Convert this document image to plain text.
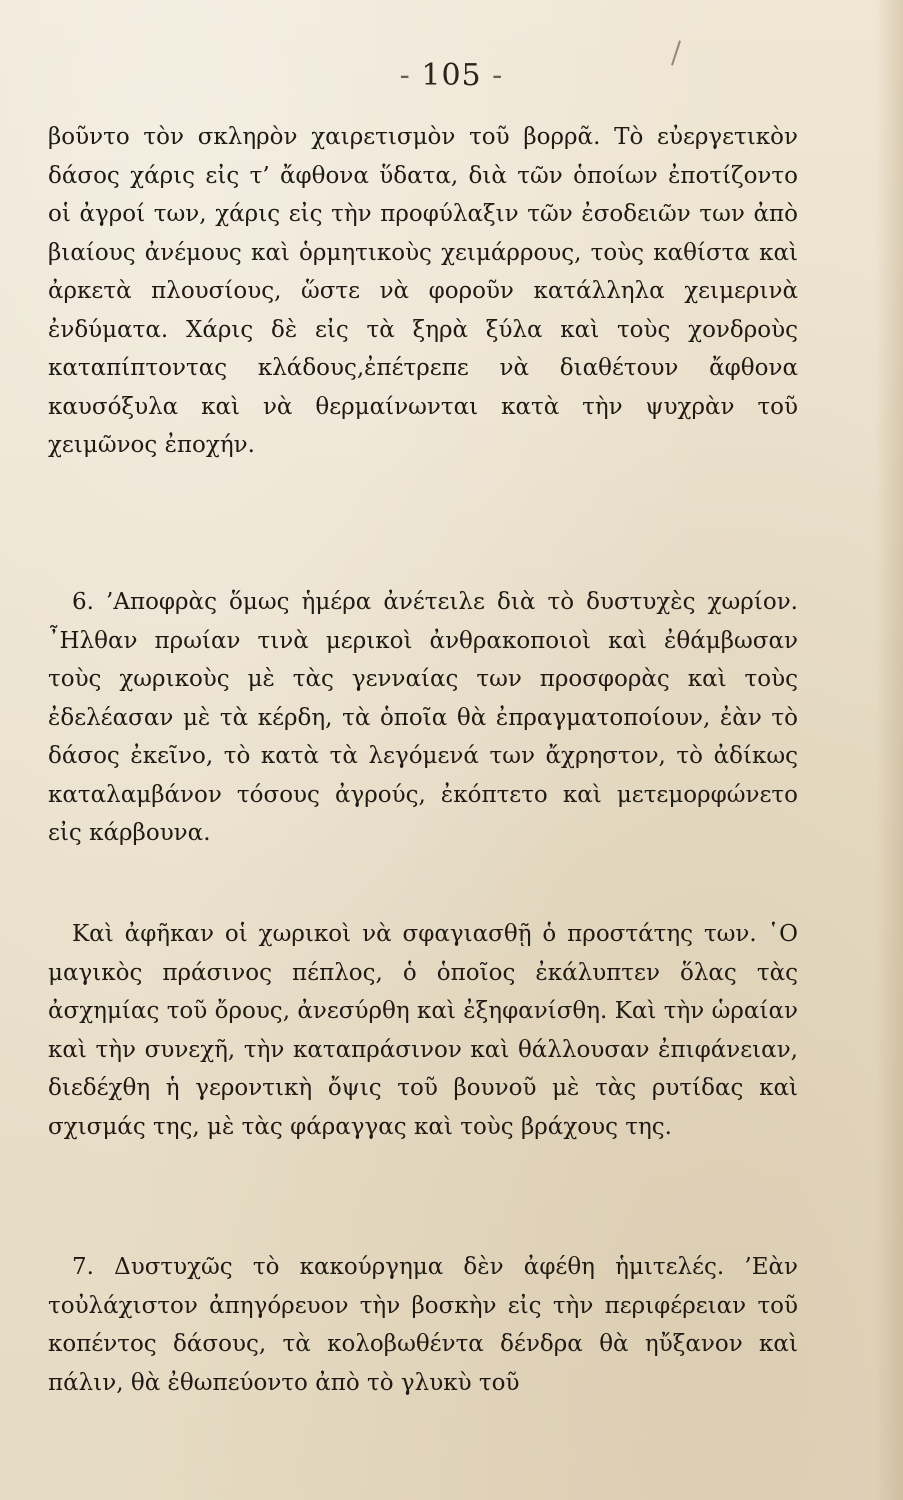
- 105 -

βοῦντο τὸν σκληρὸν χαιρετισμὸν τοῦ βορρᾶ. Τὸ εὐεργετικὸν δάσος χάρις εἰς τ’ ἄφθονα ὕδατα, διὰ τῶν ὁποίων ἐποτίζοντο οἱ ἀγροί των, χάρις εἰς τὴν προφύλαξιν τῶν ἐσοδειῶν των ἀπὸ βιαίους ἀνέμους καὶ ὁρμητικοὺς χειμάρρους, τοὺς καθίστα καὶ ἀρκετὰ πλουσίους, ὥστε νὰ φοροῦν κατάλληλα χειμερινὰ ἐνδύματα. Χάρις δὲ εἰς τὰ ξηρὰ ξύλα καὶ τοὺς χονδροὺς καταπίπτοντας κλάδους,ἐπέτρεπε νὰ διαθέτουν ἄφθονα καυσόξυλα καὶ νὰ θερμαίνωνται κατὰ τὴν ψυχρὰν τοῦ χειμῶνος ἐποχήν.

6. ’Αποφρὰς ὅμως ἡμέρα ἀνέτειλε διὰ τὸ δυστυχὲς χωρίον. ῏Ηλθαν πρωίαν τινὰ μερικοὶ ἀνθρακοποιοὶ καὶ ἐθάμβωσαν τοὺς χωρικοὺς μὲ τὰς γενναίας των προσφορὰς καὶ τοὺς ἐδελέασαν μὲ τὰ κέρδη, τὰ ὁποῖα θὰ ἐπραγματοποίουν, ἐὰν τὸ δάσος ἐκεῖνο, τὸ κατὰ τὰ λεγόμενά των ἄχρηστον, τὸ ἀδίκως καταλαμβάνον τόσους ἀγρούς, ἐκόπτετο καὶ μετεμορφώνετο εἰς κάρβουνα.

Καὶ ἀφῆκαν οἱ χωρικοὶ νὰ σφαγιασθῇ ὁ προστάτης των. ῾Ο μαγικὸς πράσινος πέπλος, ὁ ὁποῖος ἐκάλυπτεν ὅλας τὰς ἀσχημίας τοῦ ὄρους, ἀνεσύρθη καὶ ἐξηφανίσθη. Καὶ τὴν ὡραίαν καὶ τὴν συνεχῆ, τὴν καταπράσινον καὶ θάλλουσαν ἐπιφάνειαν, διεδέχθη ἡ γεροντικὴ ὄψις τοῦ βουνοῦ μὲ τὰς ρυτίδας καὶ σχισμάς της, μὲ τὰς φάραγγας καὶ τοὺς βράχους της.

7. Δυστυχῶς τὸ κακούργημα δὲν ἀφέθη ἡμιτελές. ’Εὰν τοὐλάχιστον ἀπηγόρευον τὴν βοσκὴν εἰς τὴν περιφέρειαν τοῦ κοπέντος δάσους, τὰ κολοβωθέντα δένδρα θὰ ηὔξανον καὶ πάλιν, θὰ ἐθωπεύοντο ἀπὸ τὸ γλυκὺ τοῦ
